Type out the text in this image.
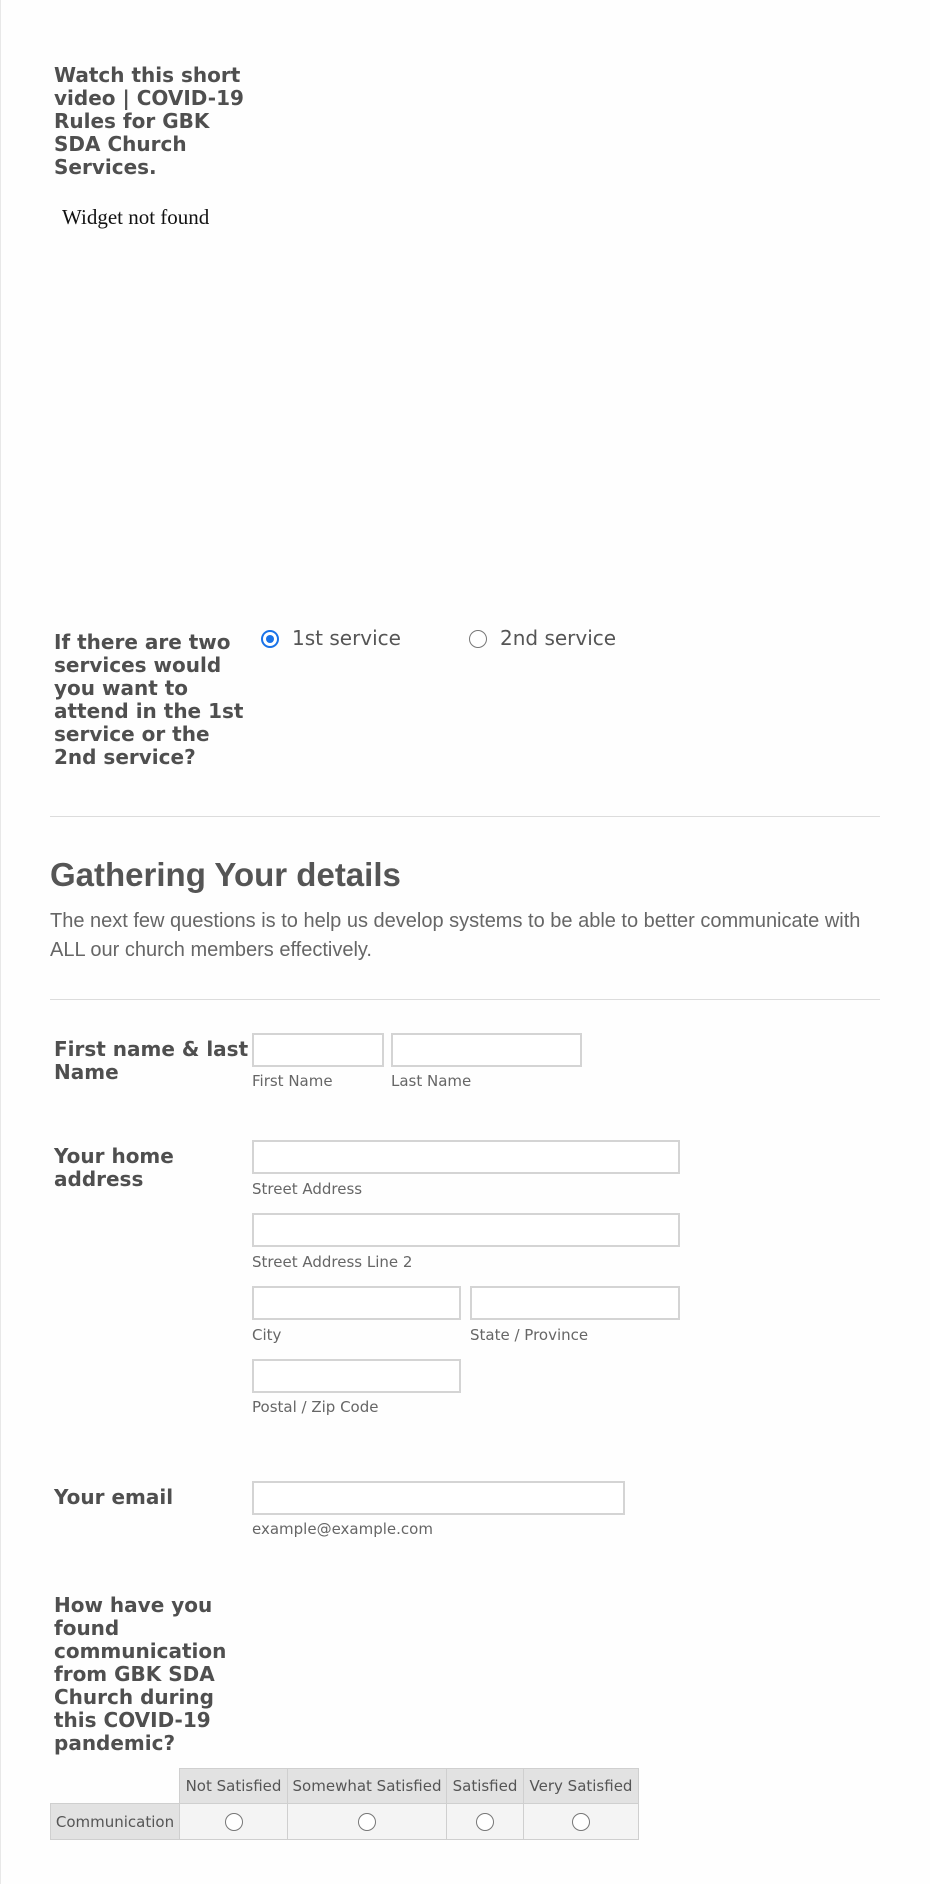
Watch this short video | COVID-19 Rules for GBK SDA Church Services.
Widget not found
If there are two services would you want to attend in the 1st service or the 2nd service?
1st service	2nd service
Gathering Your details
The next few questions is to help us develop systems to be able to better communicate with ALL our church members effectively.
First name & last Name	First Name	Last Name
Your home address	Street Address
Street Address Line 2
City	State / Province
Postal / Zip Code
Your email
example@example.com
How have you found communication from GBK SDA Church during this COVID-19 pandemic?
	Not Satisfied	Somewhat Satisfied	Satisfied	Very Satisfied
Communication				
